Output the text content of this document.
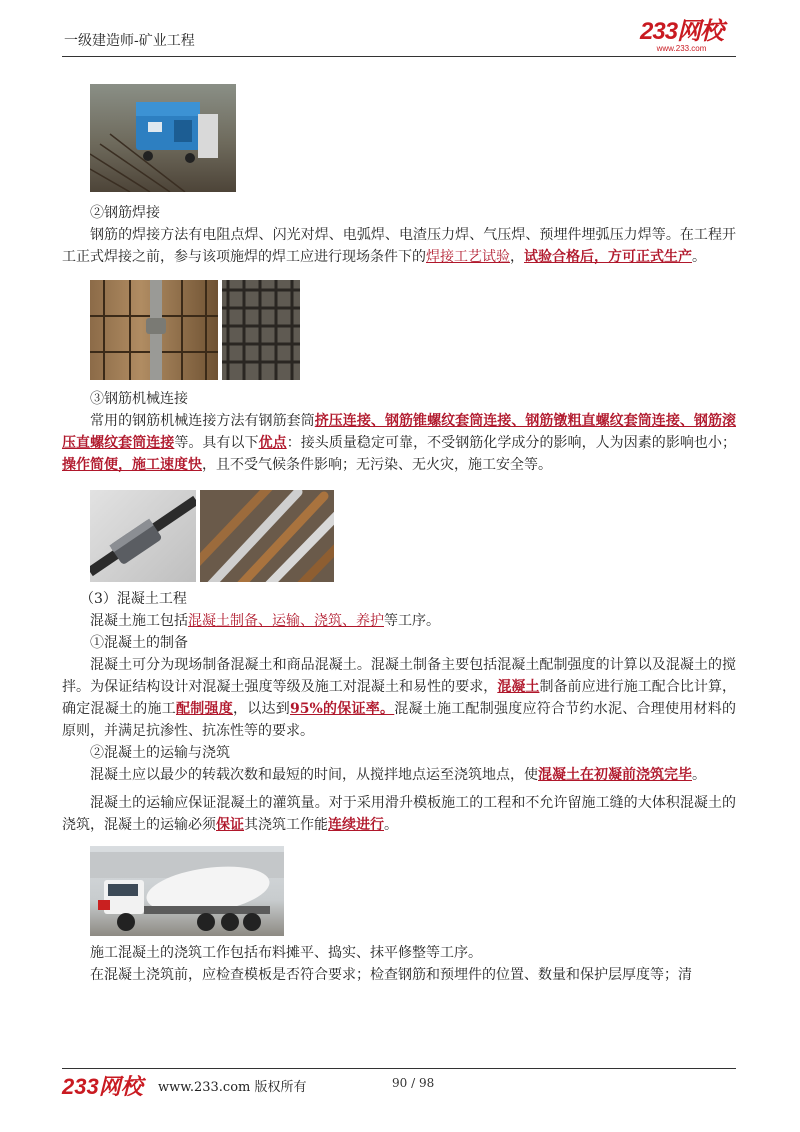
一级建造师-矿业工程	233网校
www.233.com

②钢筋焊接

钢筋的焊接方法有电阻点焊、闪光对焊、电弧焊、电渣压力焊、气压焊、预埋件埋弧压力焊等。在工程开工正式焊接之前，参与该项施焊的焊工应进行现场条件下的焊接工艺试验，试验合格后，方可正式生产。

③钢筋机械连接

常用的钢筋机械连接方法有钢筋套筒挤压连接、钢筋锥螺纹套筒连接、钢筋镦粗直螺纹套筒连接、钢筋滚压直螺纹套筒连接等。具有以下优点：接头质量稳定可靠，不受钢筋化学成分的影响，人为因素的影响也小；操作简便，施工速度快，且不受气候条件影响；无污染、无火灾，施工安全等。

（3）混凝土工程

混凝土施工包括混凝土制备、运输、浇筑、养护等工序。

①混凝土的制备

混凝土可分为现场制备混凝土和商品混凝土。混凝土制备主要包括混凝土配制强度的计算以及混凝土的搅拌。为保证结构设计对混凝土强度等级及施工对混凝土和易性的要求，混凝土制备前应进行施工配合比计算，确定混凝土的施工配制强度，以达到95%的保证率。混凝土施工配制强度应符合节约水泥、合理使用材料的原则，并满足抗渗性、抗冻性等的要求。

②混凝土的运输与浇筑

混凝土应以最少的转载次数和最短的时间，从搅拌地点运至浇筑地点，使混凝土在初凝前浇筑完毕。

混凝土的运输应保证混凝土的灌筑量。对于采用滑升模板施工的工程和不允许留施工缝的大体积混凝土的浇筑，混凝土的运输必须保证其浇筑工作能连续进行。

施工混凝土的浇筑工作包括布料摊平、捣实、抹平修整等工序。

在混凝土浇筑前，应检查模板是否符合要求；检查钢筋和预埋件的位置、数量和保护层厚度等；清

233网校 www.233.com 版权所有	90 / 98
